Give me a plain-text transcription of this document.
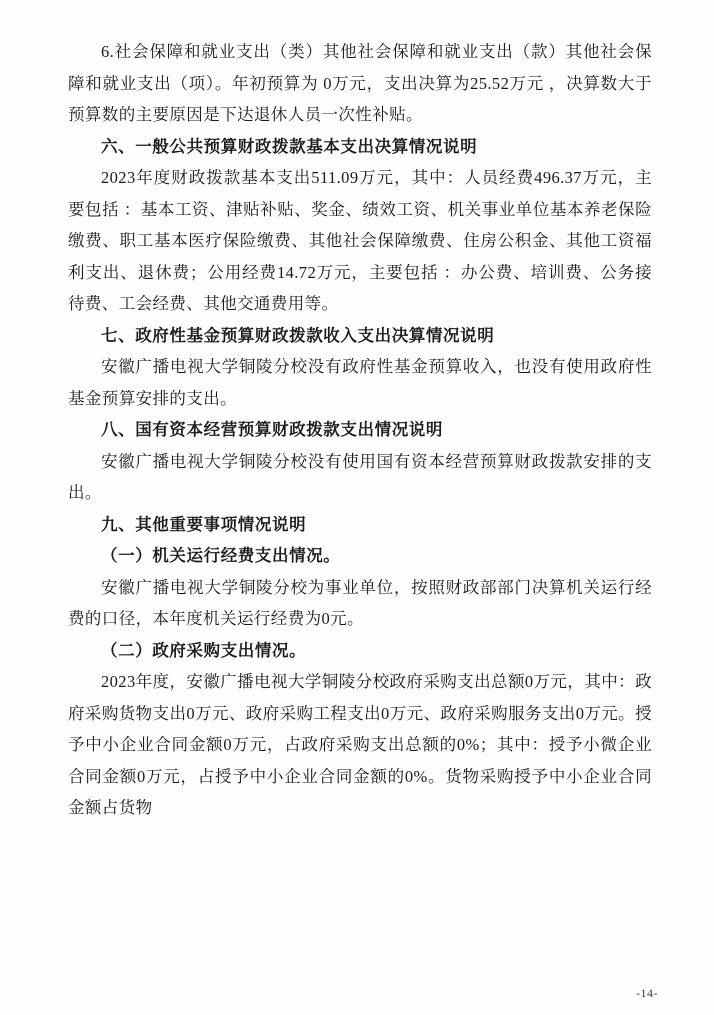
6.社会保障和就业支出（类）其他社会保障和就业支出（款）其他社会保障和就业支出（项）。年初预算为 0万元，支出决算为25.52万元 ，决算数大于预算数的主要原因是下达退休人员一次性补贴。

六、一般公共预算财政拨款基本支出决算情况说明

2023年度财政拨款基本支出511.09万元，其中：人员经费496.37万元，主要包括 ：基本工资、津贴补贴、奖金、绩效工资、机关事业单位基本养老保险缴费、职工基本医疗保险缴费、其他社会保障缴费、住房公积金、其他工资福利支出、退休费；公用经费14.72万元，主要包括 ：办公费、培训费、公务接待费、工会经费、其他交通费用等。

七、政府性基金预算财政拨款收入支出决算情况说明

安徽广播电视大学铜陵分校没有政府性基金预算收入，也没有使用政府性基金预算安排的支出。

八、国有资本经营预算财政拨款支出情况说明

安徽广播电视大学铜陵分校没有使用国有资本经营预算财政拨款安排的支出。

九、其他重要事项情况说明

（一）机关运行经费支出情况。

安徽广播电视大学铜陵分校为事业单位，按照财政部部门决算机关运行经费的口径，本年度机关运行经费为0元。

（二）政府采购支出情况。

2023年度，安徽广播电视大学铜陵分校政府采购支出总额0万元，其中：政府采购货物支出0万元、政府采购工程支出0万元、政府采购服务支出0万元。授予中小企业合同金额0万元，占政府采购支出总额的0%；其中：授予小微企业合同金额0万元，占授予中小企业合同金额的0%。货物采购授予中小企业合同金额占货物

-14-
